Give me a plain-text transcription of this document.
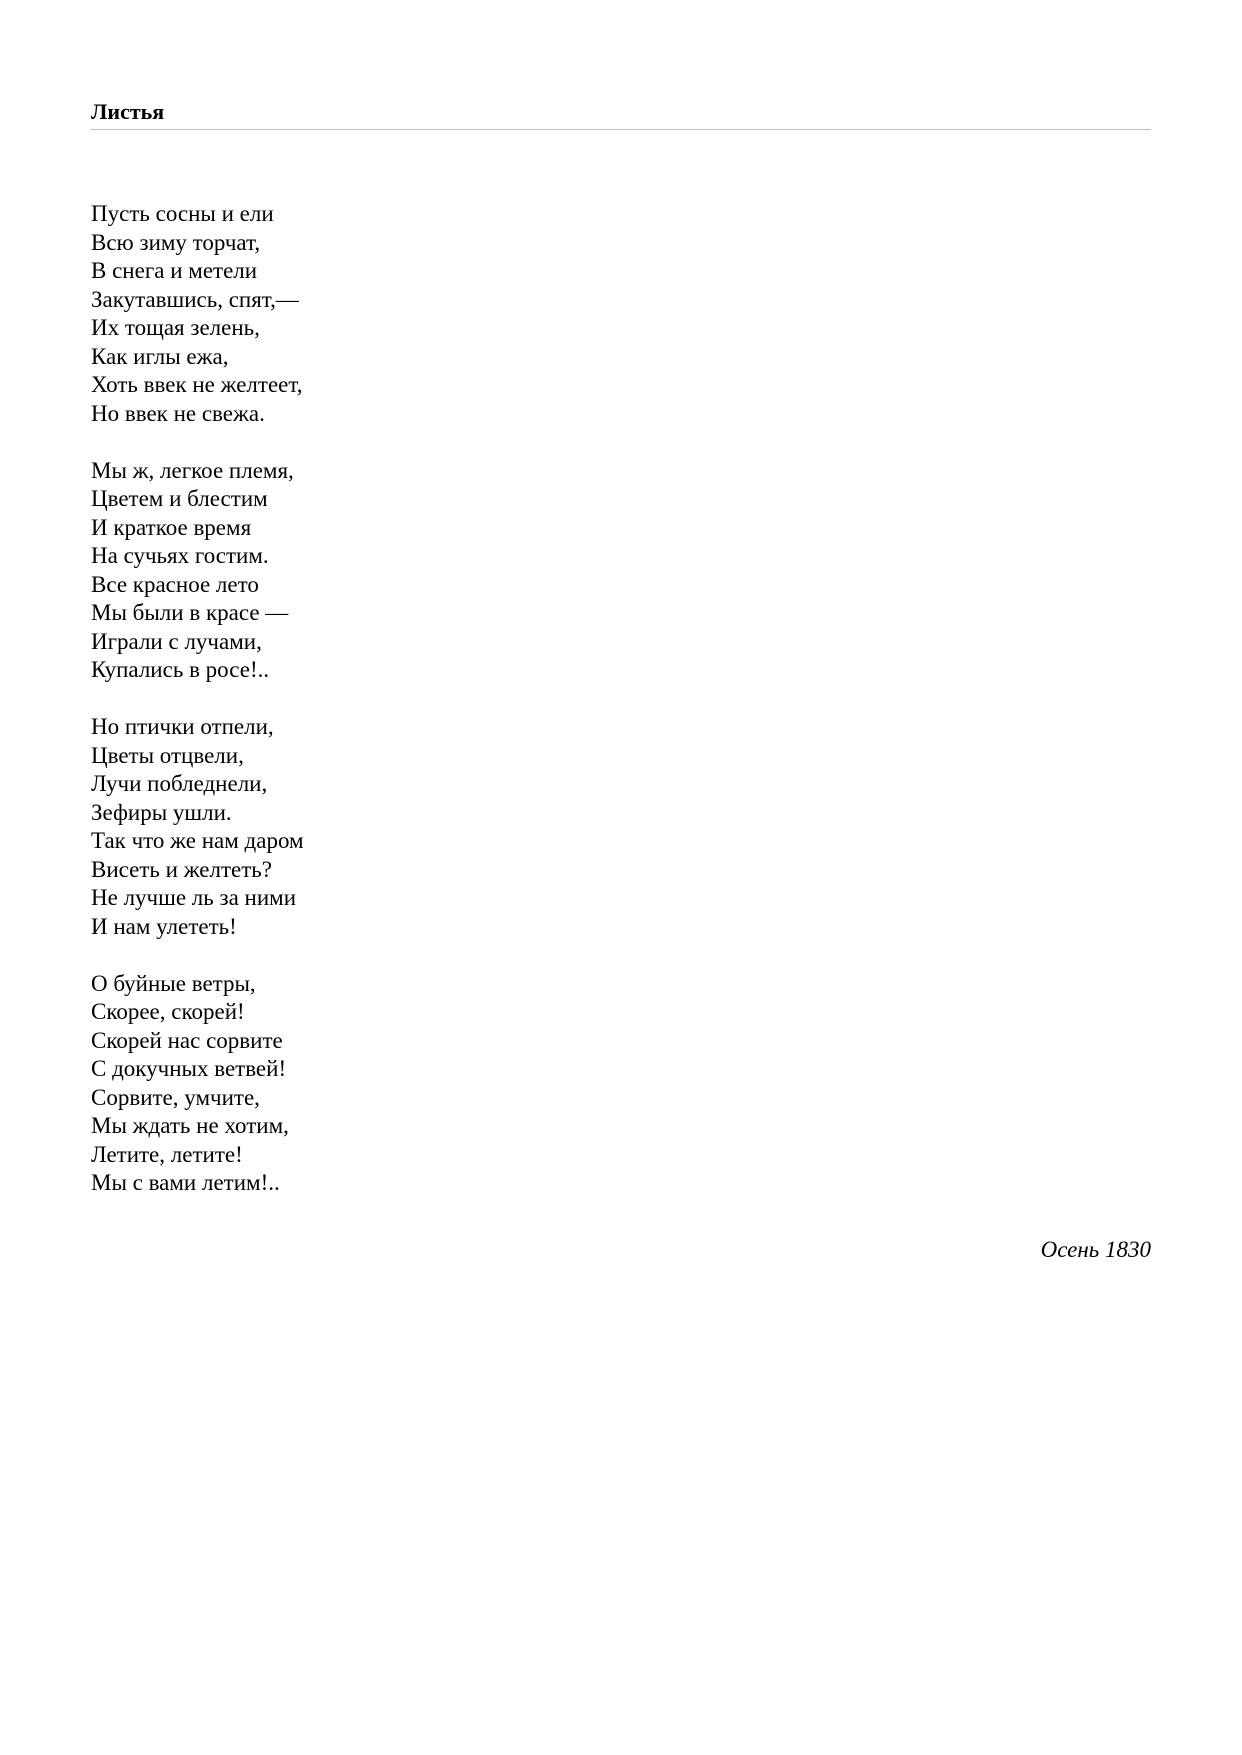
Листья
Пусть сосны и ели
Всю зиму торчат,
В снега и метели
Закутавшись, спят,—
Их тощая зелень,
Как иглы ежа,
Хоть ввек не желтеет,
Но ввек не свежа.
Мы ж, легкое племя,
Цветем и блестим
И краткое время
На сучьях гостим.
Все красное лето
Мы были в красе —
Играли с лучами,
Купались в росе!..
Но птички отпели,
Цветы отцвели,
Лучи побледнели,
Зефиры ушли.
Так что же нам даром
Висеть и желтеть?
Не лучше ль за ними
И нам улететь!
О буйные ветры,
Скорее, скорей!
Скорей нас сорвите
С докучных ветвей!
Сорвите, умчите,
Мы ждать не хотим,
Летите, летите!
Мы с вами летим!..
Осень 1830
